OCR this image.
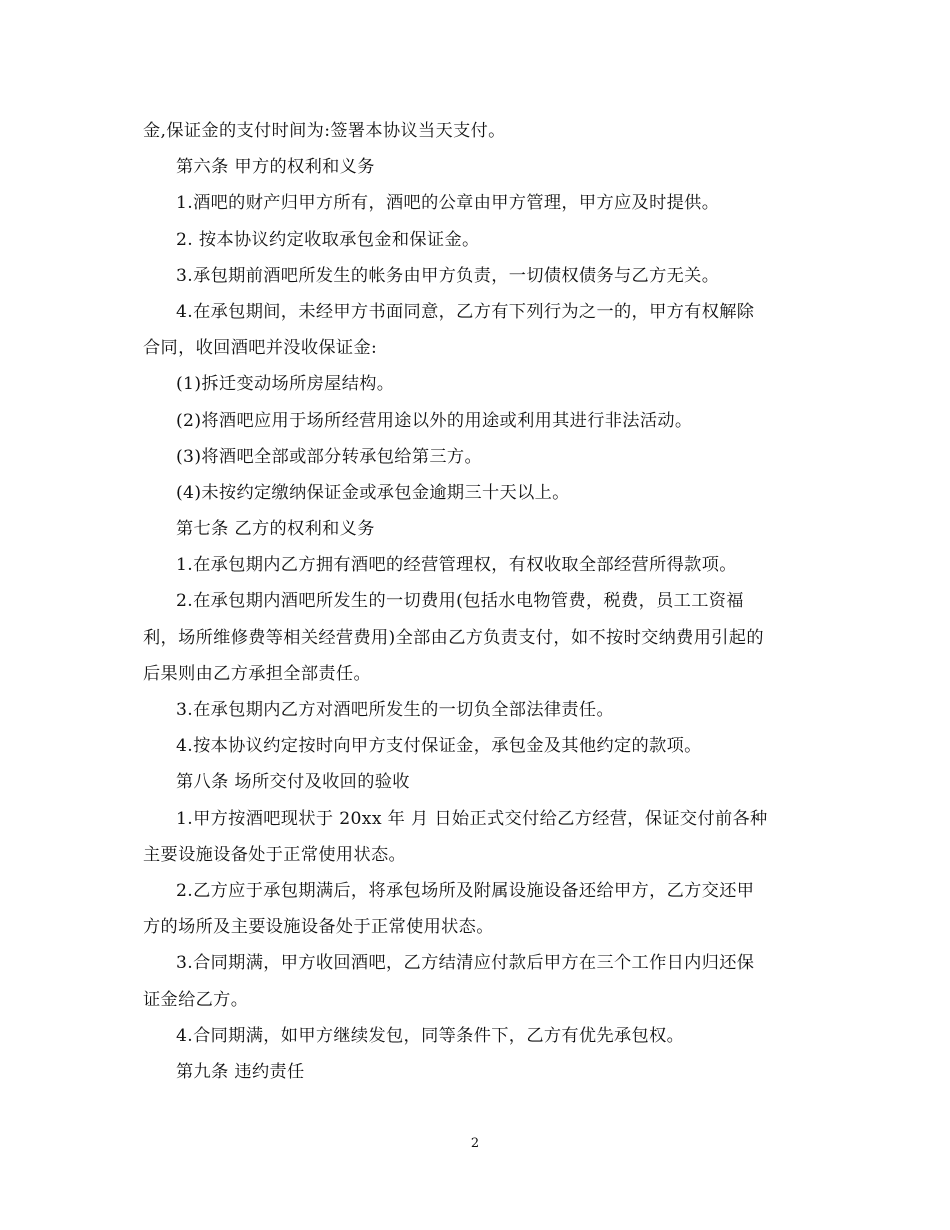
金,保证金的支付时间为:签署本协议当天支付。
第六条 甲方的权利和义务
1.酒吧的财产归甲方所有，酒吧的公章由甲方管理，甲方应及时提供。
2. 按本协议约定收取承包金和保证金。
3.承包期前酒吧所发生的帐务由甲方负责，一切债权债务与乙方无关。
4.在承包期间，未经甲方书面同意，乙方有下列行为之一的，甲方有权解除
合同，收回酒吧并没收保证金:
(1)拆迁变动场所房屋结构。
(2)将酒吧应用于场所经营用途以外的用途或利用其进行非法活动。
(3)将酒吧全部或部分转承包给第三方。
(4)未按约定缴纳保证金或承包金逾期三十天以上。
第七条 乙方的权利和义务
1.在承包期内乙方拥有酒吧的经营管理权，有权收取全部经营所得款项。
2.在承包期内酒吧所发生的一切费用(包括水电物管费，税费，员工工资福
利，场所维修费等相关经营费用)全部由乙方负责支付，如不按时交纳费用引起的
后果则由乙方承担全部责任。
3.在承包期内乙方对酒吧所发生的一切负全部法律责任。
4.按本协议约定按时向甲方支付保证金，承包金及其他约定的款项。
第八条 场所交付及收回的验收
1.甲方按酒吧现状于 20xx 年 月 日始正式交付给乙方经营，保证交付前各种
主要设施设备处于正常使用状态。
2.乙方应于承包期满后，将承包场所及附属设施设备还给甲方，乙方交还甲
方的场所及主要设施设备处于正常使用状态。
3.合同期满，甲方收回酒吧，乙方结清应付款后甲方在三个工作日内归还保
证金给乙方。
4.合同期满，如甲方继续发包，同等条件下，乙方有优先承包权。
第九条 违约责任
2
